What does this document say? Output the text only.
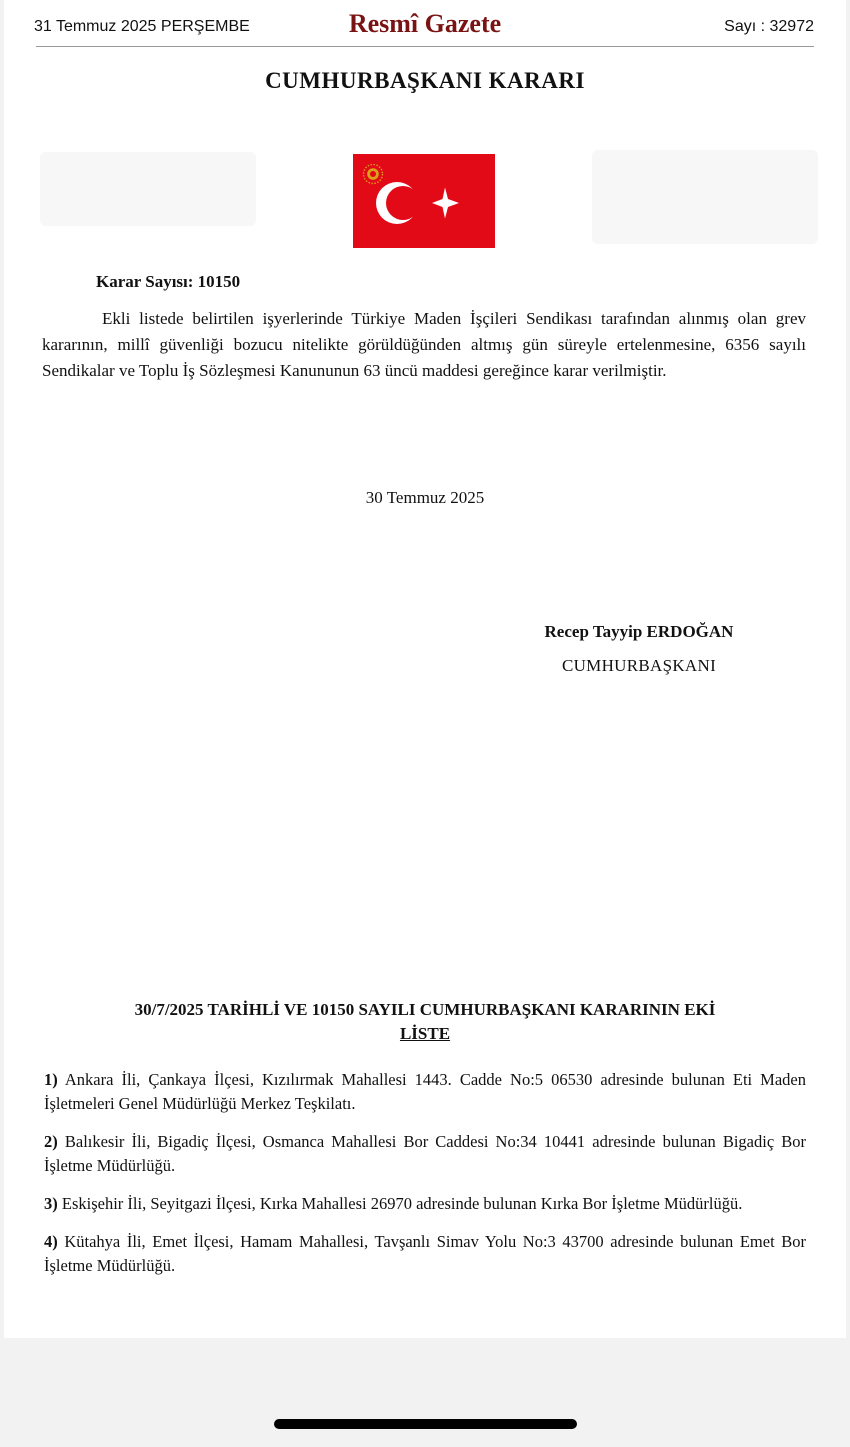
31 Temmuz 2025 PERŞEMBE	Resmî Gazete	Sayı : 32972
CUMHURBAŞKANI KARARI
Karar Sayısı: 10150
Ekli listede belirtilen işyerlerinde Türkiye Maden İşçileri Sendikası tarafından alınmış olan grev kararının, millî güvenliği bozucu nitelikte görüldüğünden altmış gün süreyle ertelenmesine, 6356 sayılı Sendikalar ve Toplu İş Sözleşmesi Kanununun 63 üncü maddesi gereğince karar verilmiştir.
30 Temmuz 2025
Recep Tayyip ERDOĞAN
CUMHURBAŞKANI
30/7/2025 TARİHLİ VE 10150 SAYILI CUMHURBAŞKANI KARARININ EKİ
LİSTE
1) Ankara İli, Çankaya İlçesi, Kızılırmak Mahallesi 1443. Cadde No:5 06530 adresinde bulunan Eti Maden İşletmeleri Genel Müdürlüğü Merkez Teşkilatı.
2) Balıkesir İli, Bigadiç İlçesi, Osmanca Mahallesi Bor Caddesi No:34 10441 adresinde bulunan Bigadiç Bor İşletme Müdürlüğü.
3) Eskişehir İli, Seyitgazi İlçesi, Kırka Mahallesi 26970 adresinde bulunan Kırka Bor İşletme Müdürlüğü.
4) Kütahya İli, Emet İlçesi, Hamam Mahallesi, Tavşanlı Simav Yolu No:3 43700 adresinde bulunan Emet Bor İşletme Müdürlüğü.
